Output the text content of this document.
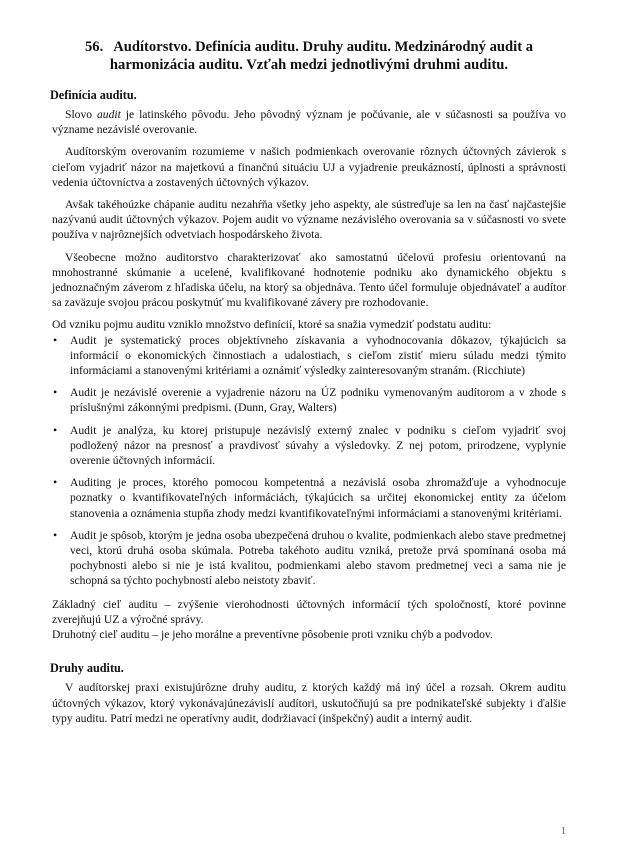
56. Audítorstvo. Definícia auditu. Druhy auditu. Medzinárodný audit a harmonizácia auditu. Vzťah medzi jednotlivými druhmi auditu.
Definícia auditu.

Slovo audit je latinského pôvodu. Jeho pôvodný význam je počúvanie, ale v súčasnosti sa používa vo význame nezávislé overovanie.

Audítorským overovaním rozumieme v našich podmienkach overovanie rôznych účtovných závierok s cieľom vyjadriť názor na majetkovú a finančnú situáciu UJ a vyjadrenie preukázností, úplnosti a správnosti vedenia účtovníctva a zostavených účtovných výkazov.

Avšak takéhoúzke chápanie auditu nezahŕňa všetky jeho aspekty, ale sústreďuje sa len na časť najčastejšie nazývanú audit účtovných výkazov. Pojem audit vo význame nezávislého overovania sa v súčasnosti vo svete používa v najrôznejších odvetviach hospodárskeho života.

Všeobecne možno auditorstvo charakterizovať ako samostatnú účelovú profesiu orientovanú na mnohostranné skúmanie a ucelené, kvalifikované hodnotenie podniku ako dynamického objektu s jednoznačným záverom z hľadiska účelu, na ktorý sa objednáva. Tento účel formuluje objednávateľ a audítor sa zaväzuje svojou prácou poskytnúť mu kvalifikované závery pre rozhodovanie.

Od vzniku pojmu auditu vzniklo množstvo definícií, ktoré sa snažia vymedziť podstatu auditu:

• Audit je systematický proces objektívneho získavania a vyhodnocovania dôkazov, týkajúcich sa informácií o ekonomických činnostiach a udalostiach, s cieľom zistiť mieru súladu medzi týmito informáciami a stanovenými kritériami a oznámiť výsledky zainteresovaným stranám. (Ricchiute)
• Audit je nezávislé overenie a vyjadrenie názoru na ÚZ podniku vymenovaným audítorom a v zhode s príslušnými zákonnými predpismi. (Dunn, Gray, Walters)
• Audit je analýza, ku ktorej pristupuje nezávislý externý znalec v podniku s cieľom vyjadriť svoj podložený názor na presnosť a pravdivosť súvahy a výsledovky. Z nej potom, prirodzene, vyplynie overenie účtovných informácií.
• Auditing je proces, ktorého pomocou kompetentná a nezávislá osoba zhromažďuje a vyhodnocuje poznatky o kvantifikovateľných informáciách, týkajúcich sa určitej ekonomickej entity za účelom stanovenia a oznámenia stupňa zhody medzi kvantifikovateľnými informáciami a stanovenými kritériami.
• Audit je spôsob, ktorým je jedna osoba ubezpečená druhou o kvalite, podmienkach alebo stave predmetnej veci, ktorú druhá osoba skúmala. Potreba takéhoto auditu vzniká, pretože prvá spomínaná osoba má pochybnosti alebo si nie je istá kvalitou, podmienkami alebo stavom predmetnej veci a sama nie je schopná sa týchto pochybností alebo neistoty zbaviť.

Základný cieľ auditu – zvýšenie vierohodnosti účtovných informácií tých spoločností, ktoré povinne zverejňujú UZ a výročné správy.

Druhotný cieľ auditu – je jeho morálne a preventívne pôsobenie proti vzniku chýb a podvodov.

Druhy auditu.

V audítorskej praxi existujúrôzne druhy auditu, z ktorých každý má iný účel a rozsah. Okrem auditu účtovných výkazov, ktorý vykonávajúnezávislí audítori, uskutočňujú sa pre podnikateľské subjekty i ďalšie typy auditu. Patrí medzi ne operatívny audit, dodržiavací (inšpekčný) audit a interný audit.

1
